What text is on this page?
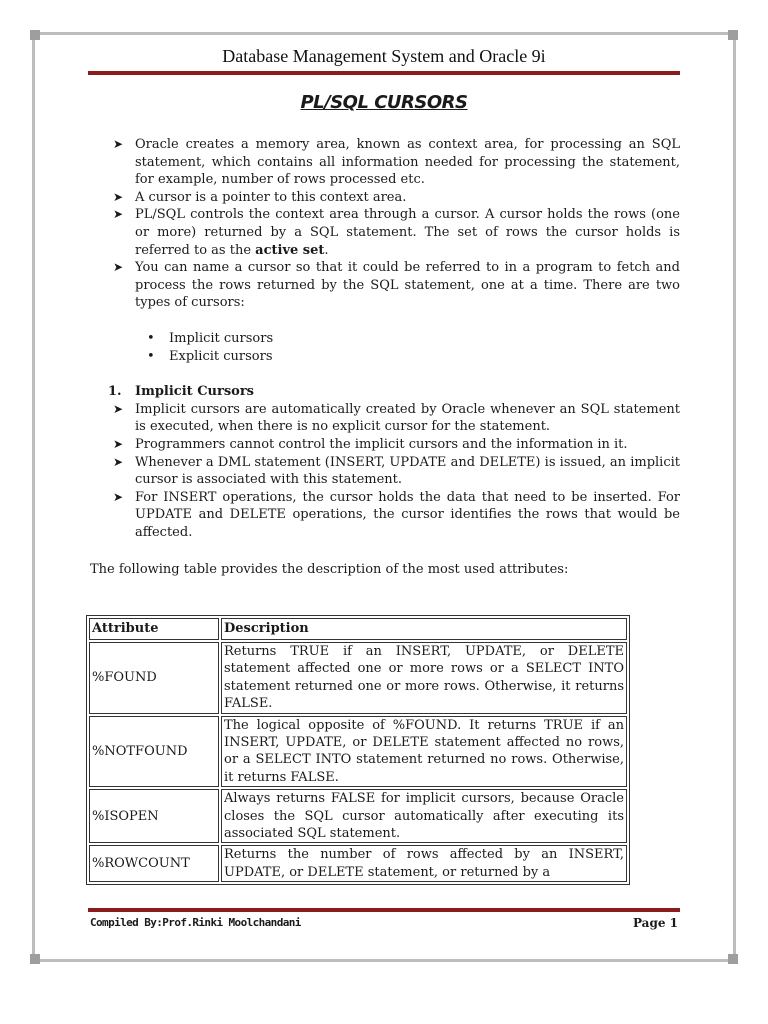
Database Management System and Oracle 9i
PL/SQL CURSORS
➤ Oracle creates a memory area, known as context area, for processing an SQL statement, which contains all information needed for processing the statement, for example, number of rows processed etc.
➤ A cursor is a pointer to this context area.
➤ PL/SQL controls the context area through a cursor. A cursor holds the rows (one or more) returned by a SQL statement. The set of rows the cursor holds is referred to as the active set.
➤ You can name a cursor so that it could be referred to in a program to fetch and process the rows returned by the SQL statement, one at a time. There are two types of cursors:
• Implicit cursors
• Explicit cursors
1. Implicit Cursors
➤ Implicit cursors are automatically created by Oracle whenever an SQL statement is executed, when there is no explicit cursor for the statement.
➤ Programmers cannot control the implicit cursors and the information in it.
➤ Whenever a DML statement (INSERT, UPDATE and DELETE) is issued, an implicit cursor is associated with this statement.
➤ For INSERT operations, the cursor holds the data that need to be inserted. For UPDATE and DELETE operations, the cursor identifies the rows that would be affected.
The following table provides the description of the most used attributes:
Attribute	Description
%FOUND	Returns TRUE if an INSERT, UPDATE, or DELETE statement affected one or more rows or a SELECT INTO statement returned one or more rows. Otherwise, it returns FALSE.
%NOTFOUND	The logical opposite of %FOUND. It returns TRUE if an INSERT, UPDATE, or DELETE statement affected no rows, or a SELECT INTO statement returned no rows. Otherwise, it returns FALSE.
%ISOPEN	Always returns FALSE for implicit cursors, because Oracle closes the SQL cursor automatically after executing its associated SQL statement.
%ROWCOUNT	Returns the number of rows affected by an INSERT, UPDATE, or DELETE statement, or returned by a
Compiled By:Prof.Rinki Moolchandani	Page 1
